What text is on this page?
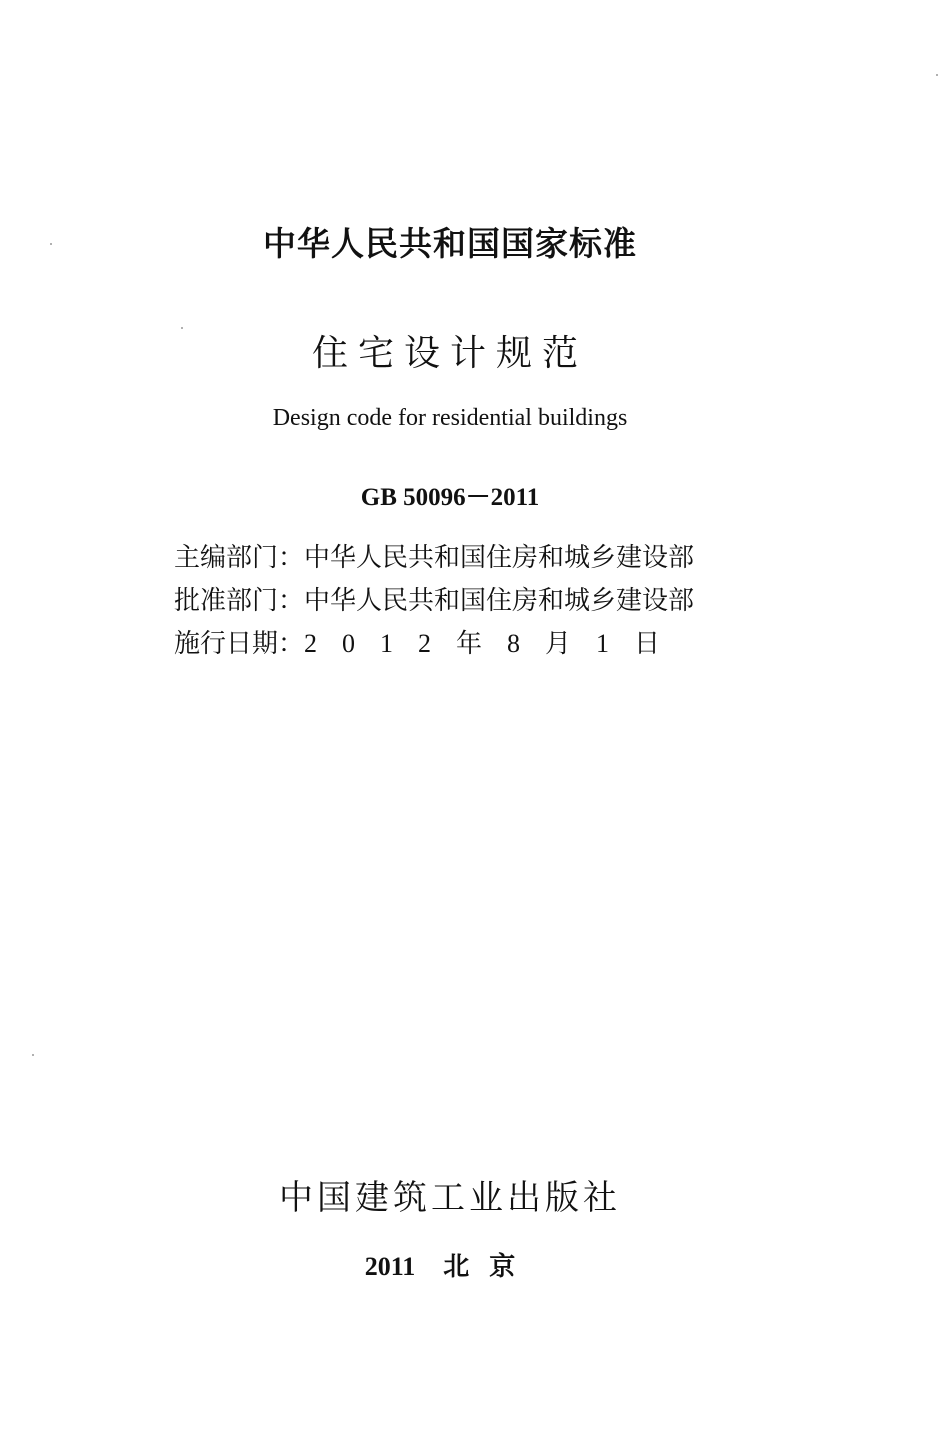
中华人民共和国国家标准
住宅设计规范
Design code for residential buildings
GB 50096－2011
主编部门：中华人民共和国住房和城乡建设部
批准部门：中华人民共和国住房和城乡建设部
施行日期：2012年8月1日
中国建筑工业出版社
2011 北京
